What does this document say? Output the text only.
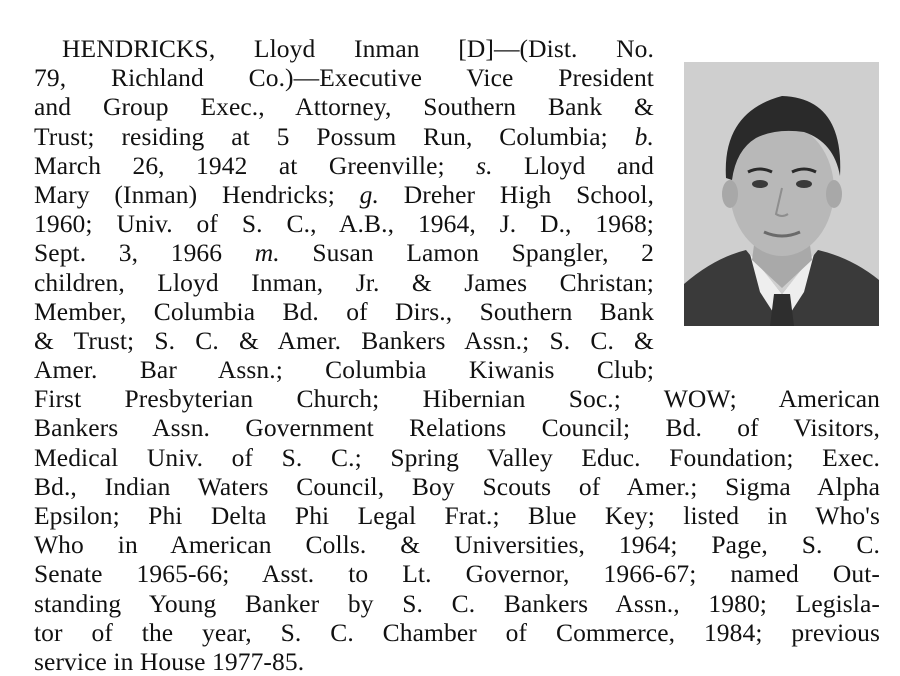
HENDRICKS, Lloyd Inman [D]—(Dist. No.
79, Richland Co.)—Executive Vice President
and Group Exec., Attorney, Southern Bank &
Trust; residing at 5 Possum Run, Columbia; b.
March 26, 1942 at Greenville; s. Lloyd and
Mary (Inman) Hendricks; g. Dreher High School,
1960; Univ. of S. C., A.B., 1964, J. D., 1968;
Sept. 3, 1966 m. Susan Lamon Spangler, 2
children, Lloyd Inman, Jr. & James Christan;
Member, Columbia Bd. of Dirs., Southern Bank
& Trust; S. C. & Amer. Bankers Assn.; S. C. &
Amer. Bar Assn.; Columbia Kiwanis Club;
First Presbyterian Church; Hibernian Soc.; WOW; American
Bankers Assn. Government Relations Council; Bd. of Visitors,
Medical Univ. of S. C.; Spring Valley Educ. Foundation; Exec.
Bd., Indian Waters Council, Boy Scouts of Amer.; Sigma Alpha
Epsilon; Phi Delta Phi Legal Frat.; Blue Key; listed in Who's
Who in American Colls. & Universities, 1964; Page, S. C.
Senate 1965-66; Asst. to Lt. Governor, 1966-67; named Out-
standing Young Banker by S. C. Bankers Assn., 1980; Legisla-
tor of the year, S. C. Chamber of Commerce, 1984; previous
service in House 1977-85.
